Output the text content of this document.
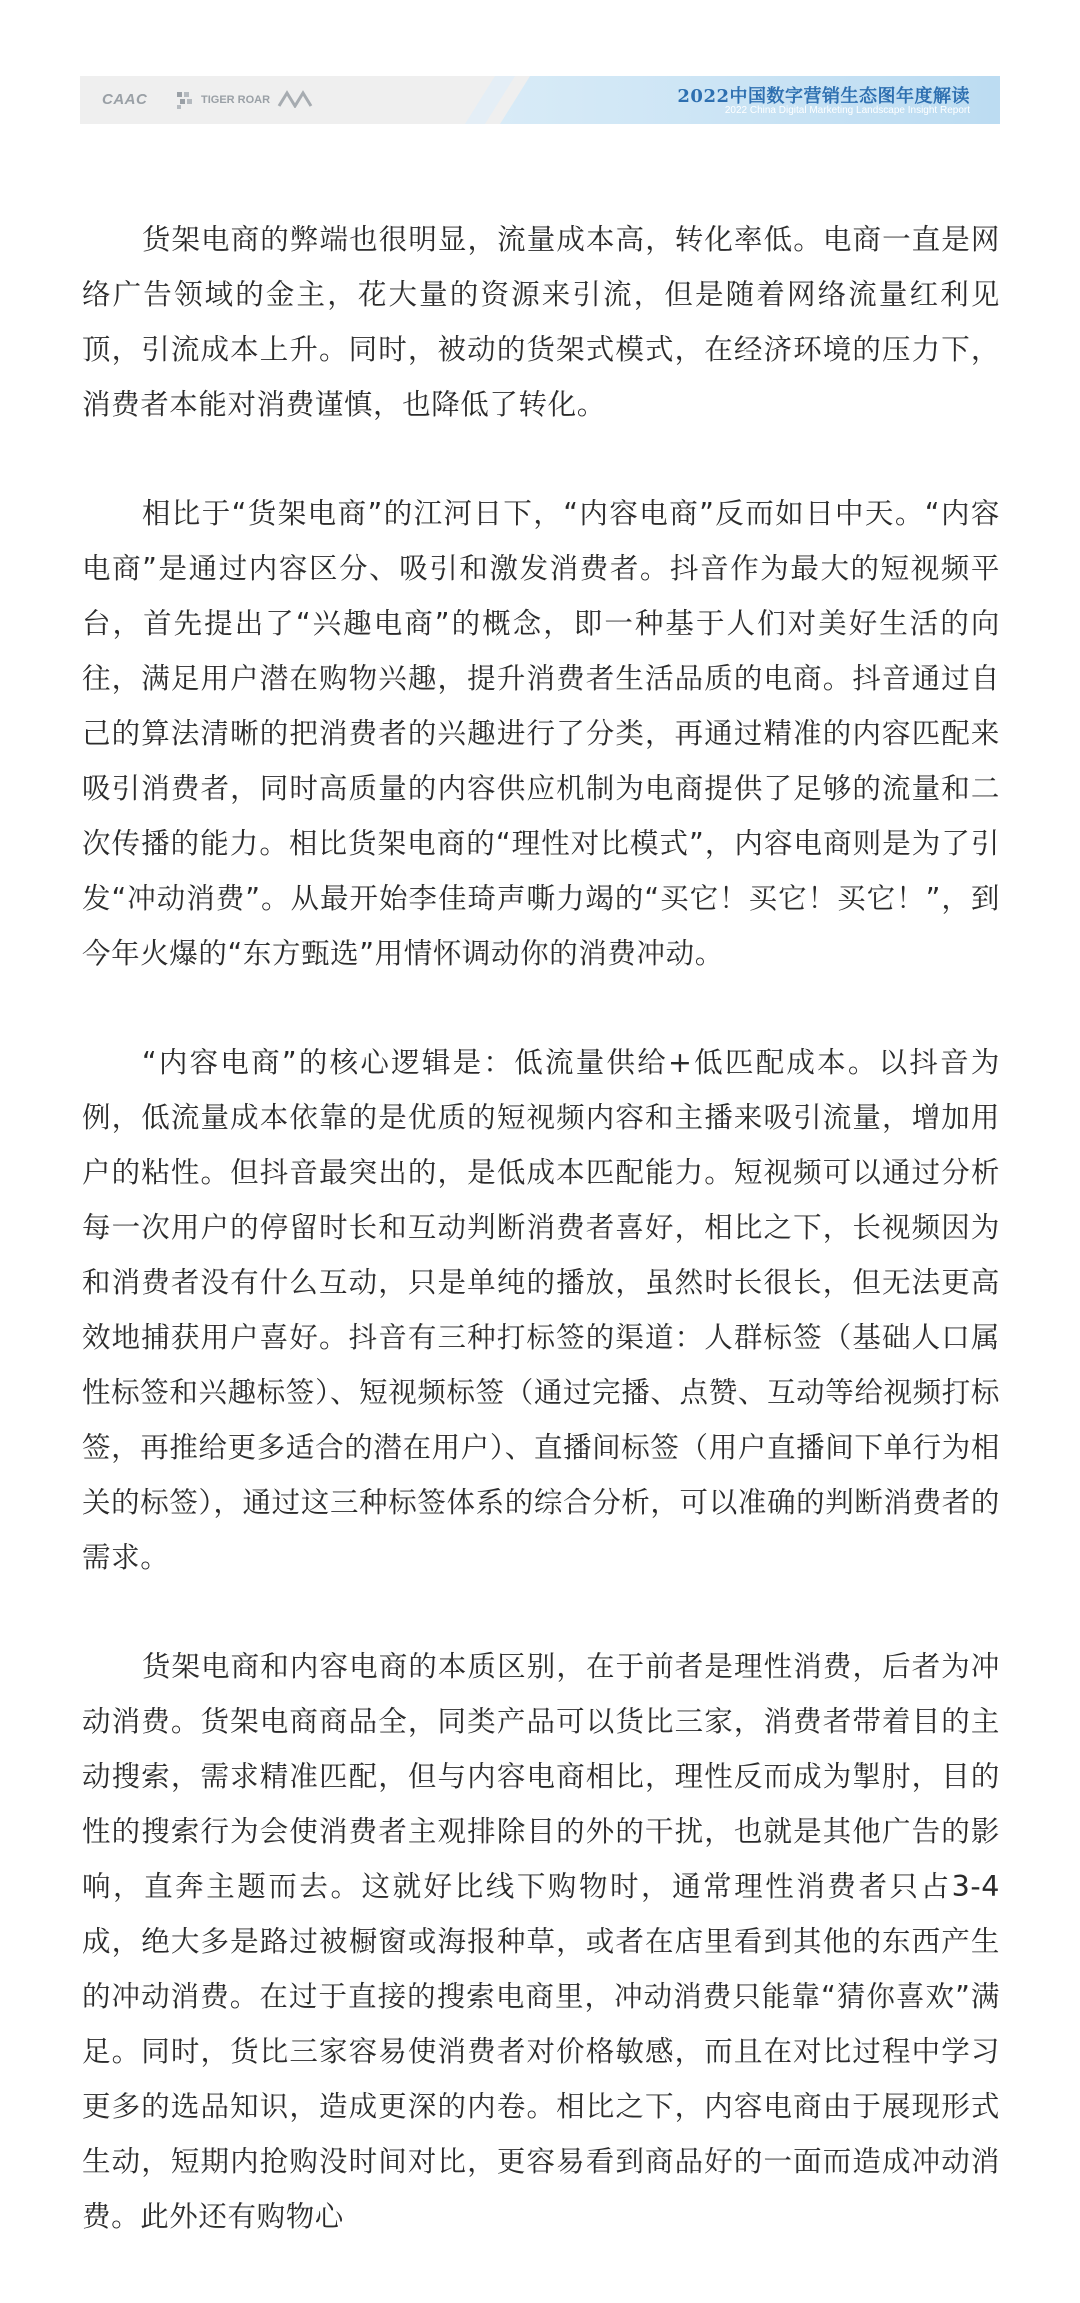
CAAC	TIGER ROAR	2022中国数字营销生态图年度解读
2022 China Digital Marketing Landscape Insight Report

货架电商的弊端也很明显，流量成本高，转化率低。电商一直是网络广告领域的金主，花大量的资源来引流，但是随着网络流量红利见顶，引流成本上升。同时，被动的货架式模式，在经济环境的压力下，消费者本能对消费谨慎，也降低了转化。

相比于“货架电商”的江河日下，“内容电商”反而如日中天。“内容电商”是通过内容区分、吸引和激发消费者。抖音作为最大的短视频平台，首先提出了“兴趣电商”的概念，即一种基于人们对美好生活的向往，满足用户潜在购物兴趣，提升消费者生活品质的电商。抖音通过自己的算法清晰的把消费者的兴趣进行了分类，再通过精准的内容匹配来吸引消费者，同时高质量的内容供应机制为电商提供了足够的流量和二次传播的能力。相比货架电商的“理性对比模式”，内容电商则是为了引发“冲动消费”。从最开始李佳琦声嘶力竭的“买它！买它！买它！”，到今年火爆的“东方甄选”用情怀调动你的消费冲动。

“内容电商”的核心逻辑是：低流量供给+低匹配成本。以抖音为例，低流量成本依靠的是优质的短视频内容和主播来吸引流量，增加用户的粘性。但抖音最突出的，是低成本匹配能力。短视频可以通过分析每一次用户的停留时长和互动判断消费者喜好，相比之下，长视频因为和消费者没有什么互动，只是单纯的播放，虽然时长很长，但无法更高效地捕获用户喜好。抖音有三种打标签的渠道：人群标签（基础人口属性标签和兴趣标签）、短视频标签（通过完播、点赞、互动等给视频打标签，再推给更多适合的潜在用户）、直播间标签（用户直播间下单行为相关的标签），通过这三种标签体系的综合分析，可以准确的判断消费者的需求。

货架电商和内容电商的本质区别，在于前者是理性消费，后者为冲动消费。货架电商商品全，同类产品可以货比三家，消费者带着目的主动搜索，需求精准匹配，但与内容电商相比，理性反而成为掣肘，目的性的搜索行为会使消费者主观排除目的外的干扰，也就是其他广告的影响，直奔主题而去。这就好比线下购物时，通常理性消费者只占3-4成，绝大多是路过被橱窗或海报种草，或者在店里看到其他的东西产生的冲动消费。在过于直接的搜索电商里，冲动消费只能靠“猜你喜欢”满足。同时，货比三家容易使消费者对价格敏感，而且在对比过程中学习更多的选品知识，造成更深的内卷。相比之下，内容电商由于展现形式生动，短期内抢购没时间对比，更容易看到商品好的一面而造成冲动消费。此外还有购物心
